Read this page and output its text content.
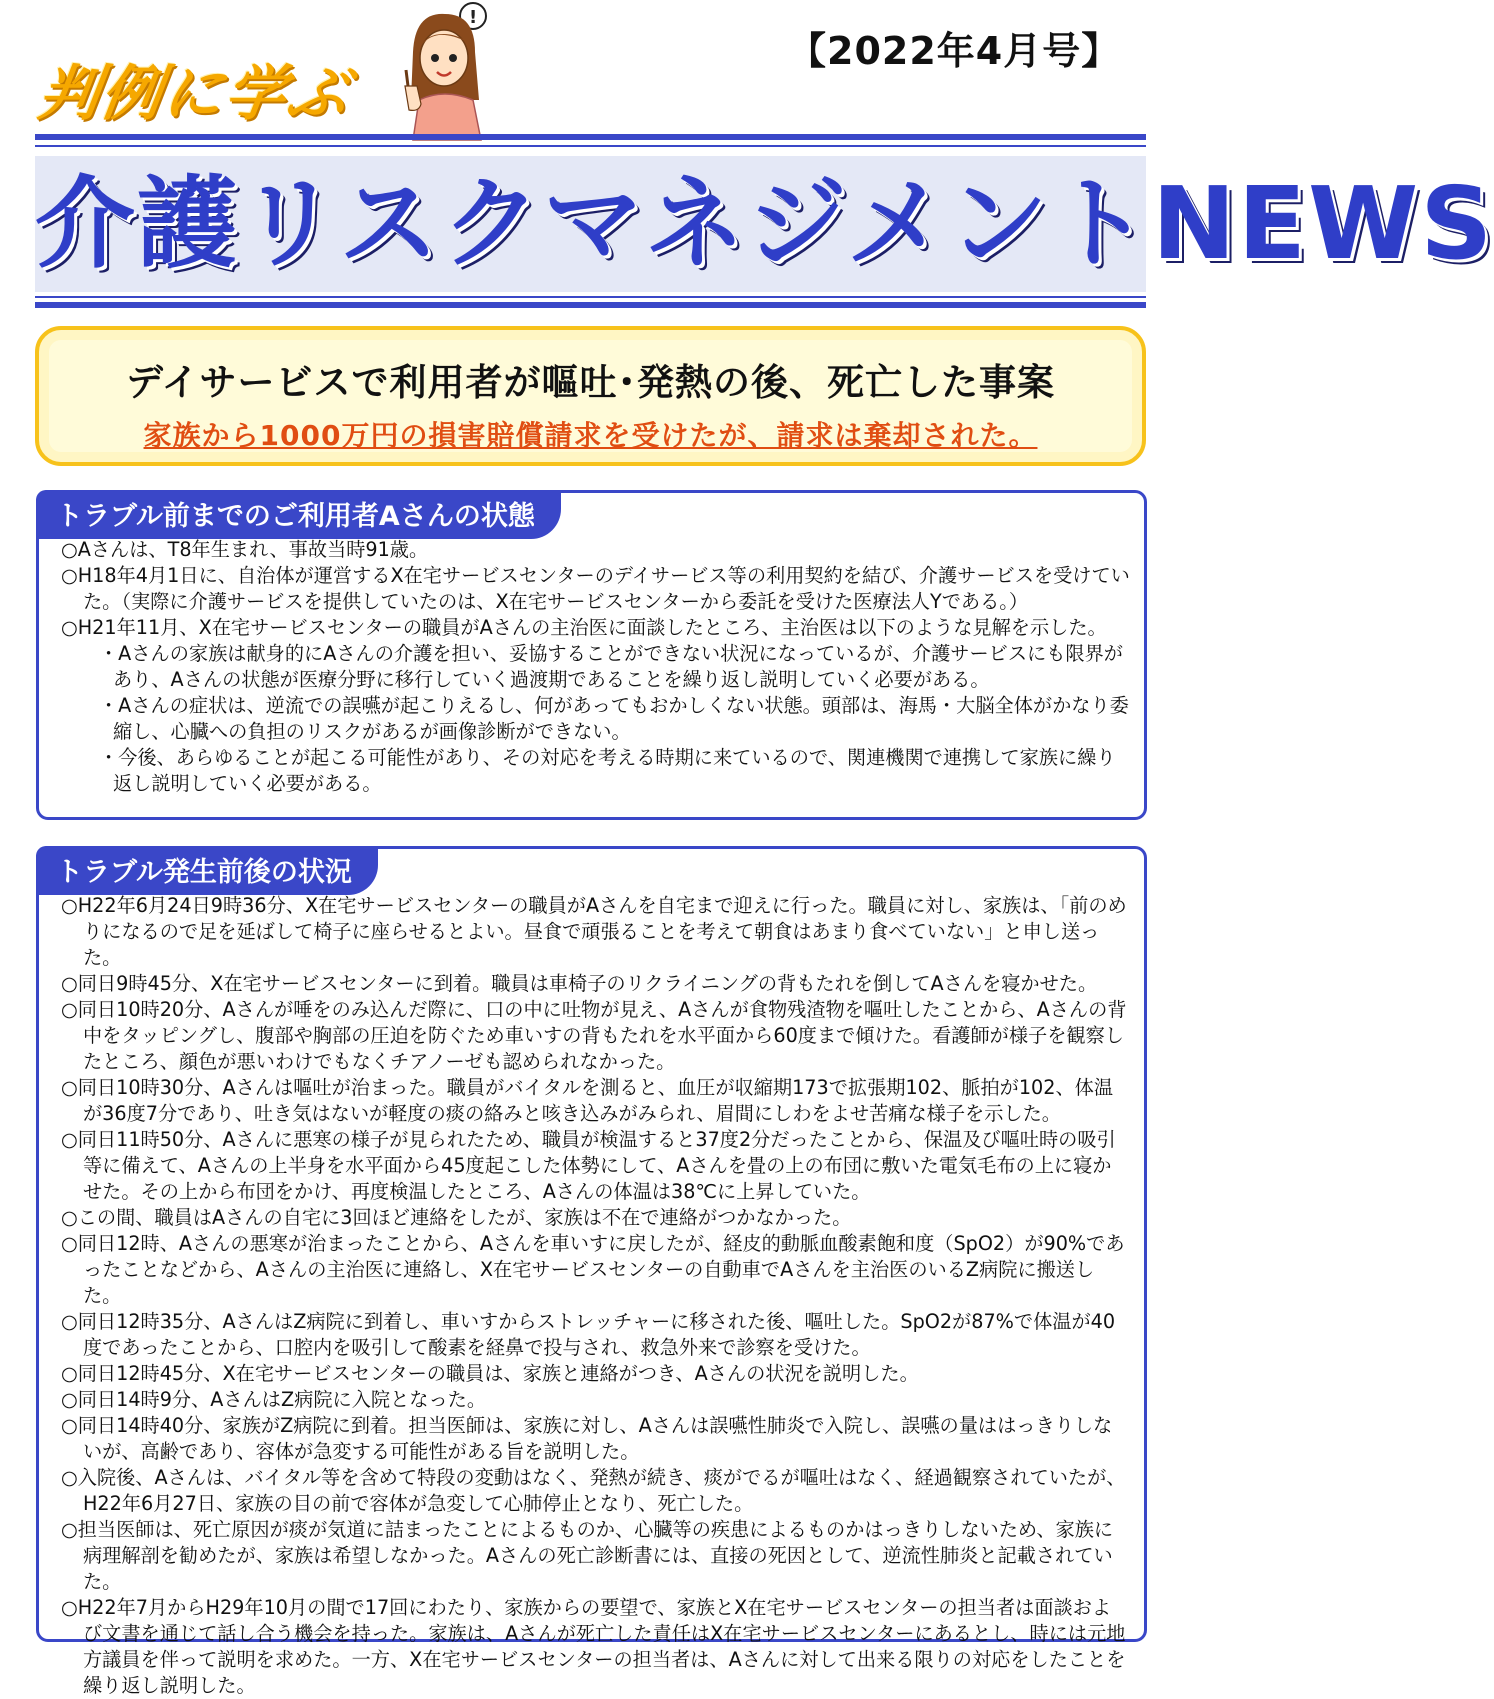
【2022年4月号】
判例に学ぶ
!
介護リスクマネジメントNEWS
デイサービスで利用者が嘔吐･発熱の後、死亡した事案
家族から1000万円の損害賠償請求を受けたが、請求は棄却された。
トラブル前までのご利用者Aさんの状態
○Aさんは、T8年生まれ、事故当時91歳。
○H18年4月1日に、自治体が運営するX在宅サービスセンターのデイサービス等の利用契約を結び、介護サービスを受けていた。（実際に介護サービスを提供していたのは、X在宅サービスセンターから委託を受けた医療法人Yである。）
○H21年11月、X在宅サービスセンターの職員がAさんの主治医に面談したところ、主治医は以下のような見解を示した。
・Aさんの家族は献身的にAさんの介護を担い、妥協することができない状況になっているが、介護サービスにも限界があり、Aさんの状態が医療分野に移行していく過渡期であることを繰り返し説明していく必要がある。
・Aさんの症状は、逆流での誤嚥が起こりえるし、何があってもおかしくない状態。頭部は、海馬・大脳全体がかなり委縮し、心臓への負担のリスクがあるが画像診断ができない。
・今後、あらゆることが起こる可能性があり、その対応を考える時期に来ているので、関連機関で連携して家族に繰り返し説明していく必要がある。
トラブル発生前後の状況
○H22年6月24日9時36分、X在宅サービスセンターの職員がAさんを自宅まで迎えに行った。職員に対し、家族は、「前のめりになるので足を延ばして椅子に座らせるとよい。昼食で頑張ることを考えて朝食はあまり食べていない」と申し送った。
○同日9時45分、X在宅サービスセンターに到着。職員は車椅子のリクライニングの背もたれを倒してAさんを寝かせた。
○同日10時20分、Aさんが唾をのみ込んだ際に、口の中に吐物が見え、Aさんが食物残渣物を嘔吐したことから、Aさんの背中をタッピングし、腹部や胸部の圧迫を防ぐため車いすの背もたれを水平面から60度まで傾けた。看護師が様子を観察したところ、顔色が悪いわけでもなくチアノーゼも認められなかった。
○同日10時30分、Aさんは嘔吐が治まった。職員がバイタルを測ると、血圧が収縮期173で拡張期102、脈拍が102、体温が36度7分であり、吐き気はないが軽度の痰の絡みと咳き込みがみられ、眉間にしわをよせ苦痛な様子を示した。
○同日11時50分、Aさんに悪寒の様子が見られたため、職員が検温すると37度2分だったことから、保温及び嘔吐時の吸引等に備えて、Aさんの上半身を水平面から45度起こした体勢にして、Aさんを畳の上の布団に敷いた電気毛布の上に寝かせた。その上から布団をかけ、再度検温したところ、Aさんの体温は38℃に上昇していた。
○この間、職員はAさんの自宅に3回ほど連絡をしたが、家族は不在で連絡がつかなかった。
○同日12時、Aさんの悪寒が治まったことから、Aさんを車いすに戻したが、経皮的動脈血酸素飽和度（SpO2）が90%であったことなどから、Aさんの主治医に連絡し、X在宅サービスセンターの自動車でAさんを主治医のいるZ病院に搬送した。
○同日12時35分、AさんはZ病院に到着し、車いすからストレッチャーに移された後、嘔吐した。SpO2が87%で体温が40度であったことから、口腔内を吸引して酸素を経鼻で投与され、救急外来で診察を受けた。
○同日12時45分、X在宅サービスセンターの職員は、家族と連絡がつき、Aさんの状況を説明した。
○同日14時9分、AさんはZ病院に入院となった。
○同日14時40分、家族がZ病院に到着。担当医師は、家族に対し、Aさんは誤嚥性肺炎で入院し、誤嚥の量ははっきりしないが、高齢であり、容体が急変する可能性がある旨を説明した。
○入院後、Aさんは、バイタル等を含めて特段の変動はなく、発熱が続き、痰がでるが嘔吐はなく、経過観察されていたが、H22年6月27日、家族の目の前で容体が急変して心肺停止となり、死亡した。
○担当医師は、死亡原因が痰が気道に詰まったことによるものか、心臓等の疾患によるものかはっきりしないため、家族に病理解剖を勧めたが、家族は希望しなかった。Aさんの死亡診断書には、直接の死因として、逆流性肺炎と記載されていた。
○H22年7月からH29年10月の間で17回にわたり、家族からの要望で、家族とX在宅サービスセンターの担当者は面談および文書を通じて話し合う機会を持った。家族は、Aさんが死亡した責任はX在宅サービスセンターにあるとし、時には元地方議員を伴って説明を求めた。一方、X在宅サービスセンターの担当者は、Aさんに対して出来る限りの対応をしたことを繰り返し説明した。
